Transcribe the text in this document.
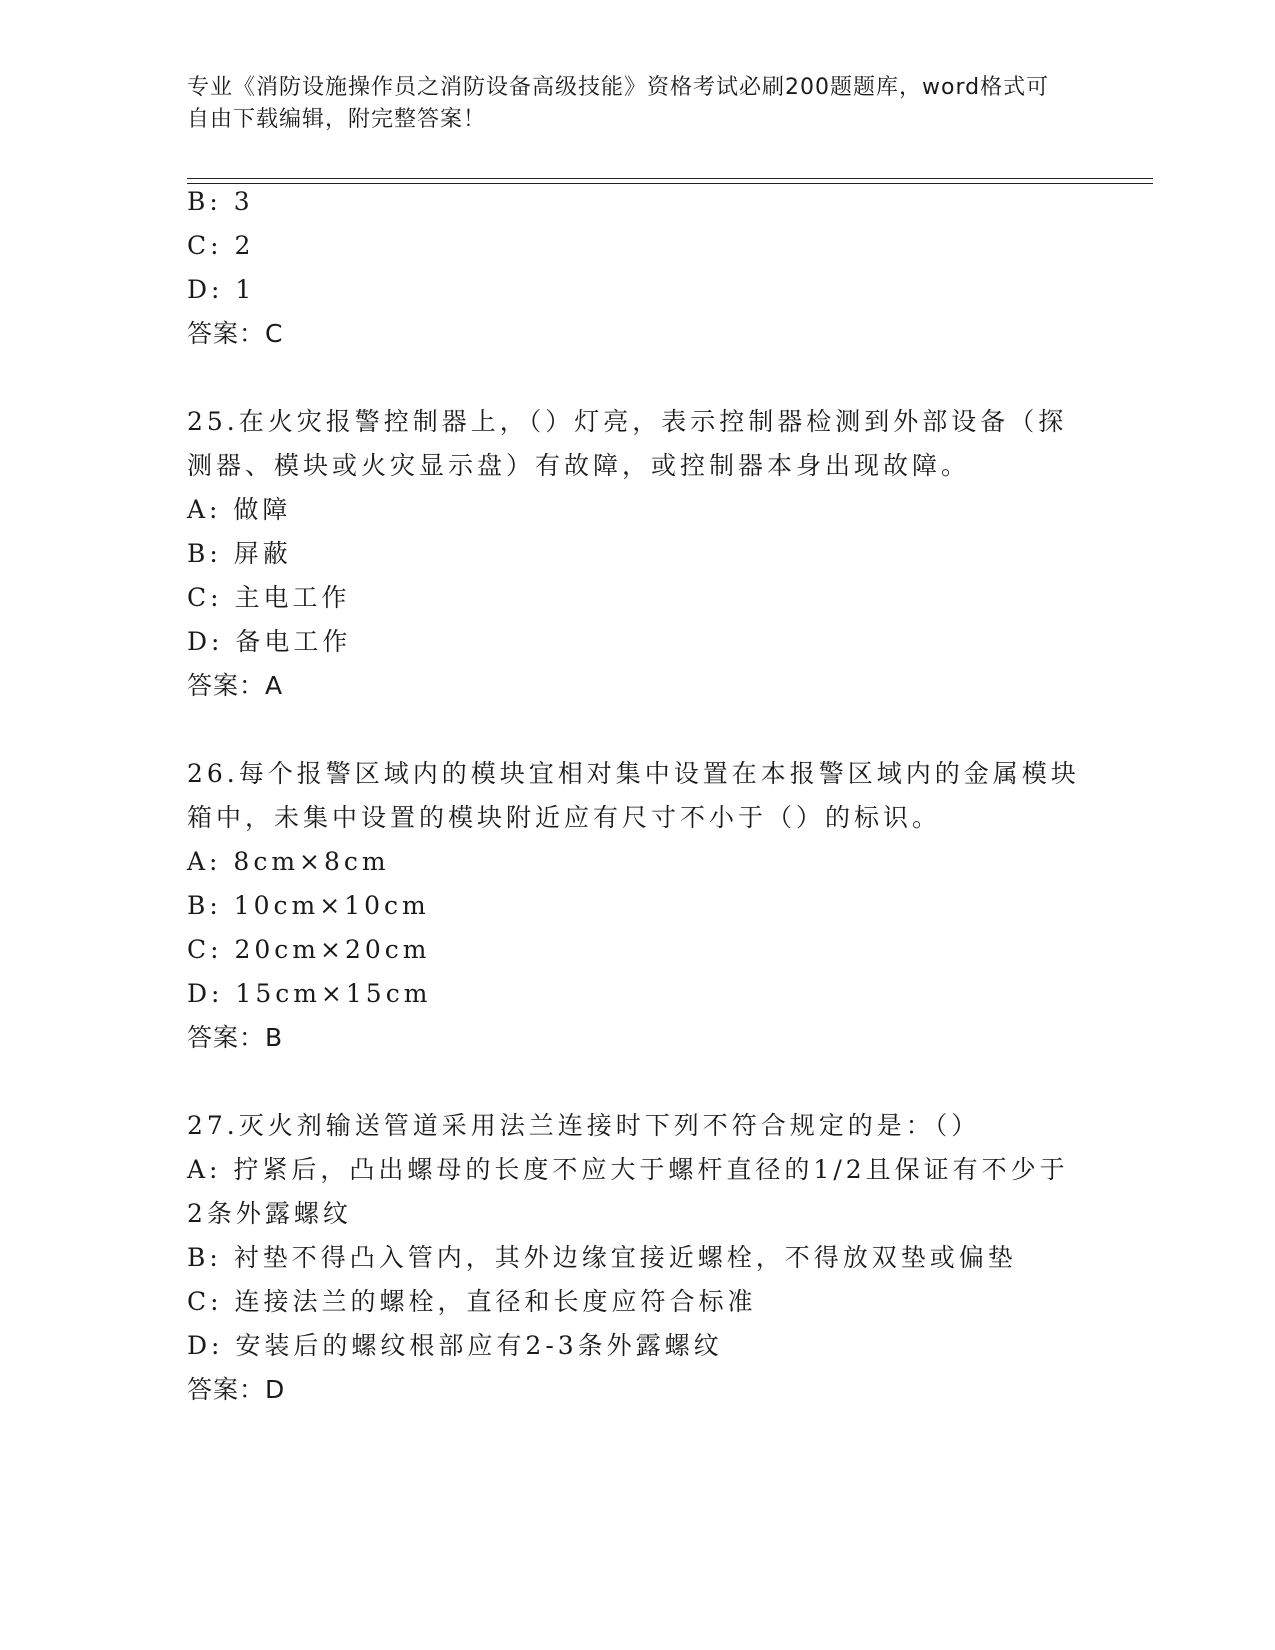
专业《消防设施操作员之消防设备高级技能》资格考试必刷200题题库，word格式可自由下载编辑，附完整答案！
B: 3
C: 2
D: 1
答案：C
25.在火灾报警控制器上，（）灯亮，表示控制器检测到外部设备（探
测器、模块或火灾显示盘）有故障，或控制器本身出现故障。
A: 做障
B: 屏蔽
C: 主电工作
D: 备电工作
答案：A
26.每个报警区域内的模块宜相对集中设置在本报警区域内的金属模块
箱中，未集中设置的模块附近应有尺寸不小于（）的标识。
A: 8cm×8cm
B: 10cm×10cm
C: 20cm×20cm
D: 15cm×15cm
答案：B
27.灭火剂输送管道采用法兰连接时下列不符合规定的是：（）
A: 拧紧后，凸出螺母的长度不应大于螺杆直径的1/2且保证有不少于
2条外露螺纹
B: 衬垫不得凸入管内，其外边缘宜接近螺栓，不得放双垫或偏垫
C: 连接法兰的螺栓，直径和长度应符合标准
D: 安装后的螺纹根部应有2-3条外露螺纹
答案：D
